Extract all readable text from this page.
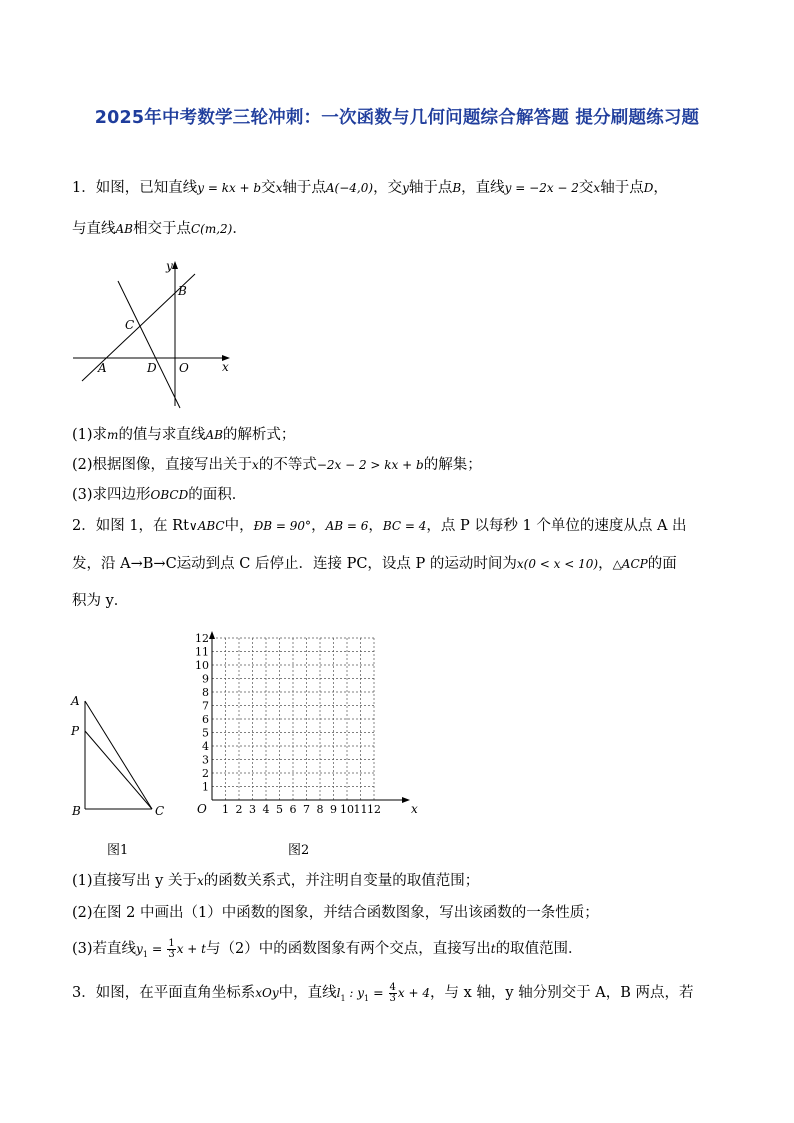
2025年中考数学三轮冲刺：一次函数与几何问题综合解答题 提分刷题练习题
1．如图，已知直线y = kx + b交x轴于点A(−4,0)，交y轴于点B，直线y = −2x − 2交x轴于点D，
与直线AB相交于点C(m,2)．
y
x
B
C
A	D O
(1)求m的值与求直线AB的解析式；
(2)根据图像，直接写出关于x的不等式−2x − 2 > kx + b的解集；
(3)求四边形OBCD的面积．
2．如图 1，在 Rt∨ABC中，ÐB = 90°，AB = 6，BC = 4，点 P 以每秒 1 个单位的速度从点 A 出
发，沿 A→B→C运动到点 C 后停止．连接 PC，设点 P 的运动时间为x(0 < x < 10)，△ACP的面
积为 y．
A
P
B	C
图1
1
2
3
4
5
6
7
8
9
10
11
12
1 2 3 4 5 6 7 8 9 10 11 12
O	x
图2
(1)直接写出 y 关于x的函数关系式，并注明自变量的取值范围；
(2)在图 2 中画出（1）中函数的图象，并结合函数图象，写出该函数的一条性质；
(3)若直线$y_1 = \frac{1}{3}$ x + t与（2）中的函数图象有两个交点，直接写出t的取值范围．
3．如图，在平面直角坐标系xOy中，直线$l_1$ : $y_1 = \frac{4}{3}$ x + 4，与 x 轴，y 轴分别交于 A，B 两点，若
